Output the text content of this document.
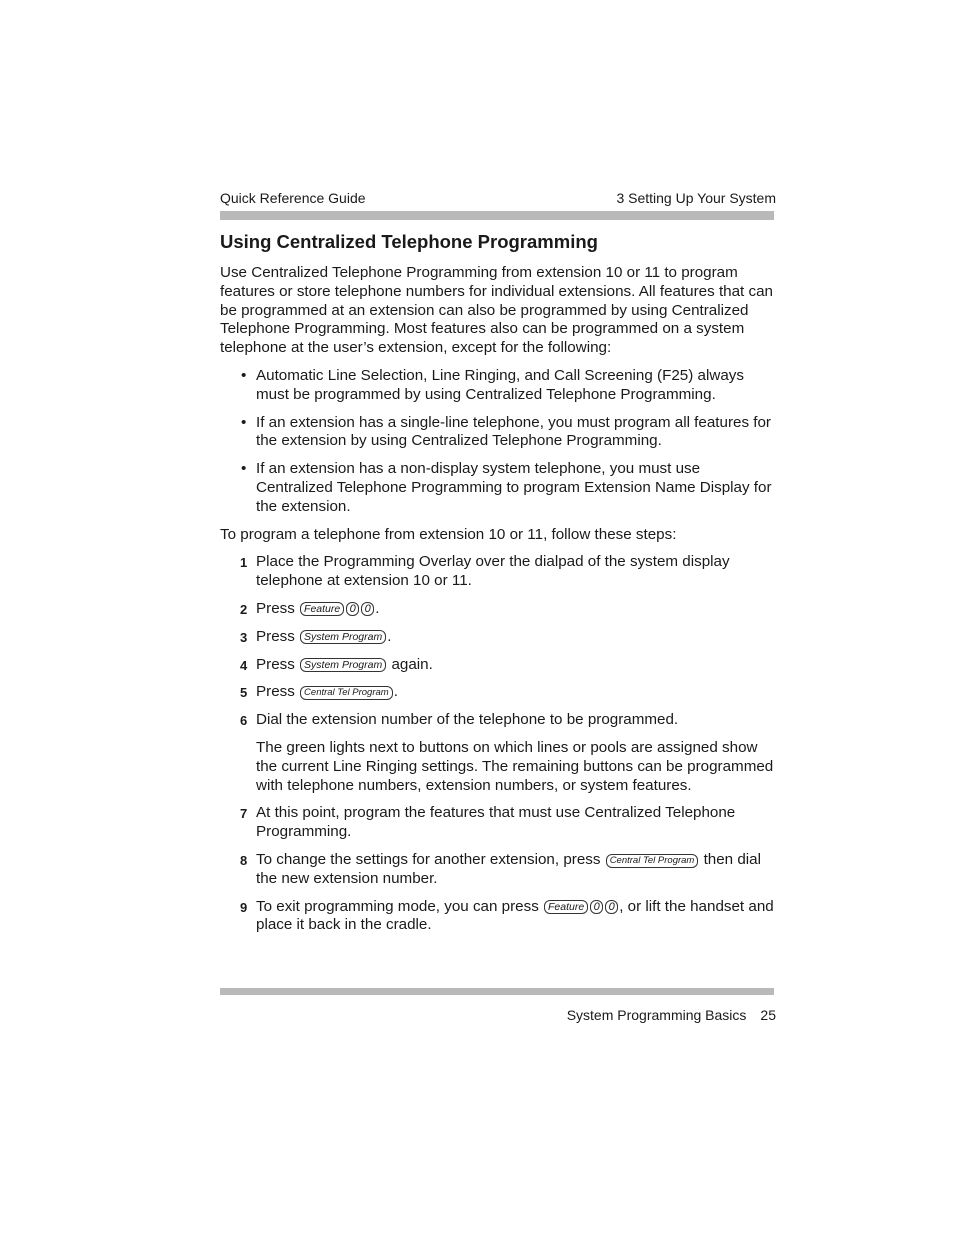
Quick Reference Guide	3 Setting Up Your System
Using Centralized Telephone Programming

Use Centralized Telephone Programming from extension 10 or 11 to program features or store telephone numbers for individual extensions. All features that can be programmed at an extension can also be programmed by using Centralized Telephone Programming. Most features also can be programmed on a system telephone at the user’s extension, except for the following:

• Automatic Line Selection, Line Ringing, and Call Screening (F25) always must be programmed by using Centralized Telephone Programming.
• If an extension has a single-line telephone, you must program all features for the extension by using Centralized Telephone Programming.
• If an extension has a non-display system telephone, you must use Centralized Telephone Programming to program Extension Name Display for the extension.

To program a telephone from extension 10 or 11, follow these steps:

1 Place the Programming Overlay over the dialpad of the system display telephone at extension 10 or 11.
2 Press Feature 0 0 .
3 Press System Program .
4 Press System Program again.
5 Press Central Tel Program .
6 Dial the extension number of the telephone to be programmed.

The green lights next to buttons on which lines or pools are assigned show the current Line Ringing settings. The remaining buttons can be programmed with telephone numbers, extension numbers, or system features.

7 At this point, program the features that must use Centralized Telephone Programming.
8 To change the settings for another extension, press Central Tel Program then dial the new extension number.
9 To exit programming mode, you can press Feature 0 0 , or lift the handset and place it back in the cradle.
System Programming Basics 25
